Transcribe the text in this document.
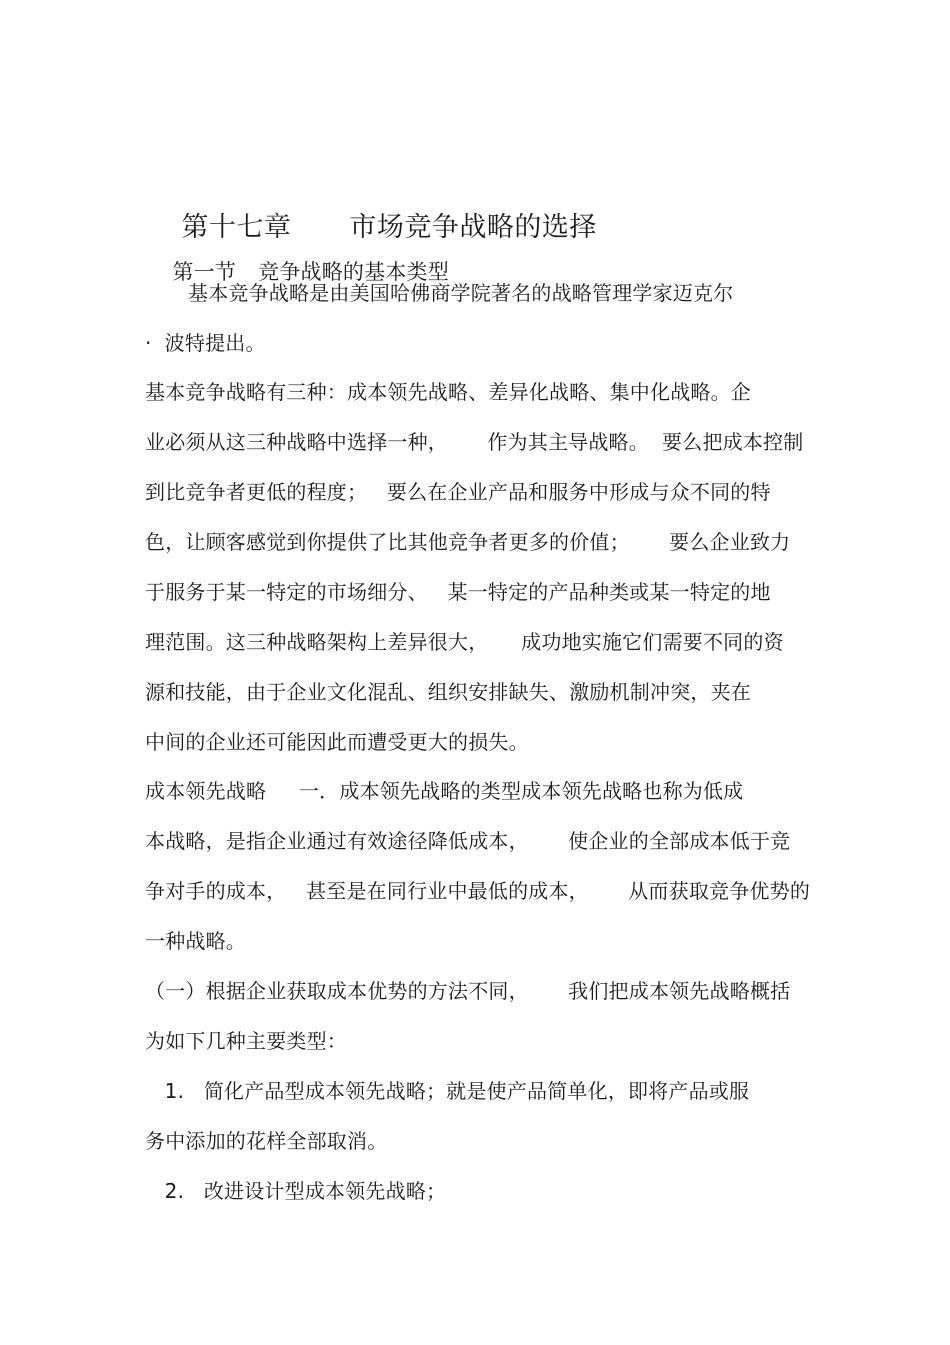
第十七章 市场竞争战略的选择

第一节 竞争战略的基本类型

基本竞争战略是由美国哈佛商学院著名的战略管理学家迈克尔
·  波特提出。
基本竞争战略有三种：成本领先战略、差异化战略、集中化战略。企
业必须从这三种战略中选择一种，      作为其主导战略。  要么把成本控制
到比竞争者更低的程度；   要么在企业产品和服务中形成与众不同的特
色，让顾客感觉到你提供了比其他竞争者更多的价值；      要么企业致力
于服务于某一特定的市场细分、   某一特定的产品种类或某一特定的地
理范围。这三种战略架构上差异很大，     成功地实施它们需要不同的资
源和技能，由于企业文化混乱、组织安排缺失、激励机制冲突，夹在
中间的企业还可能因此而遭受更大的损失。
成本领先战略     一．成本领先战略的类型成本领先战略也称为低成
本战略，是指企业通过有效途径降低成本，      使企业的全部成本低于竞
争对手的成本，   甚至是在同行业中最低的成本，      从而获取竞争优势的
一种战略。
（一）根据企业获取成本优势的方法不同，      我们把成本领先战略概括
为如下几种主要类型：
1.   简化产品型成本领先战略；就是使产品简单化，即将产品或服
务中添加的花样全部取消。
2.   改进设计型成本领先战略；
